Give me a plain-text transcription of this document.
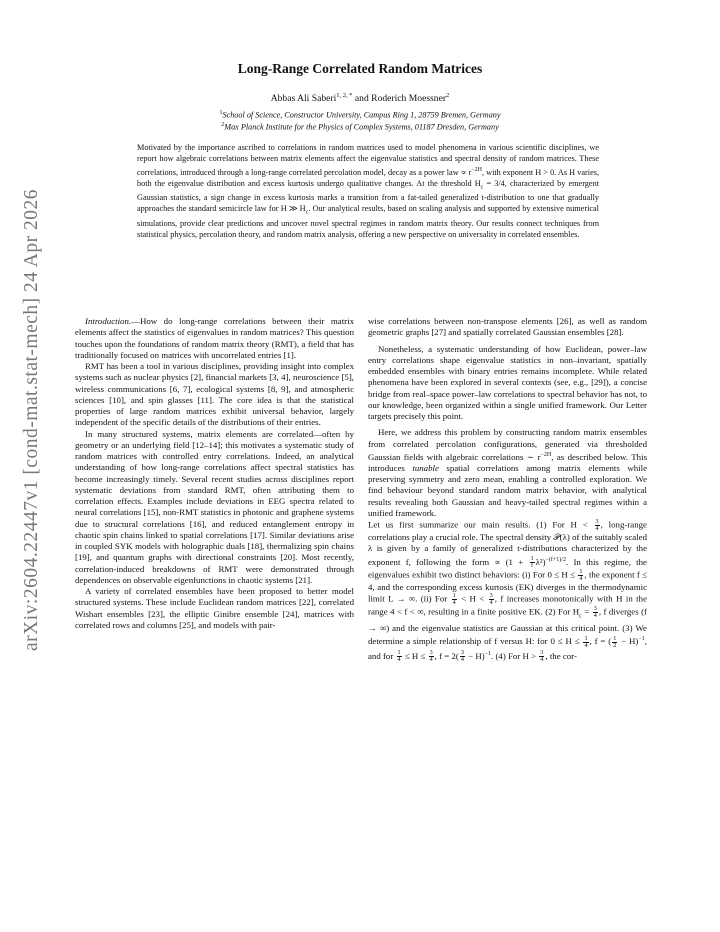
arXiv:2604.22447v1 [cond-mat.stat-mech] 24 Apr 2026
Long-Range Correlated Random Matrices
Abbas Ali Saberi$^{1, 2, *}$ and Roderich Moessner$^2$
$^1$School of Science, Constructor University, Campus Ring 1, 28759 Bremen, Germany
$^2$Max Planck Institute for the Physics of Complex Systems, 01187 Dresden, Germany
Motivated by the importance ascribed to correlations in random matrices used to model phenomena in various scientific disciplines, we report how algebraic correlations between matrix elements affect the eigenvalue statistics and spectral density of random matrices. These correlations, introduced through a long-range correlated percolation model, decay as a power law ∝ $r^{-2H}$, with exponent H > 0. As H varies, both the eigenvalue distribution and excess kurtosis undergo qualitative changes. At the threshold $H_c = 3/4$, characterized by emergent Gaussian statistics, a sign change in excess kurtosis marks a transition from a fat-tailed generalized t-distribution to one that gradually approaches the standard semicircle law for H ≫ $H_c$. Our analytical results, based on scaling analysis and supported by extensive numerical simulations, provide clear predictions and uncover novel spectral regimes in random matrix theory. Our results connect techniques from statistical physics, percolation theory, and random matrix analysis, offering a new perspective on universality in correlated ensembles.

Introduction.—How do long-range correlations between their matrix elements affect the statistics of eigenvalues in random matrices? This question touches upon the foundations of random matrix theory (RMT), a field that has traditionally focused on matrices with uncorrelated entries [1].

RMT has been a tool in various disciplines, providing insight into complex systems such as nuclear physics [2], financial markets [3, 4], neuroscience [5], wireless communications [6, 7], ecological systems [8, 9], and atmospheric sciences [10], and spin glasses [11]. The core idea is that the statistical properties of large random matrices exhibit universal behavior, largely independent of the specific details of the distributions of their entries.

In many structured systems, matrix elements are correlated—often by geometry or an underlying field [12–14]; this motivates a systematic study of random matrices with controlled entry correlations. Indeed, an analytical understanding of how long-range correlations affect spectral statistics has become increasingly timely. Several recent studies across disciplines report systematic deviations from standard RMT, often attributing them to correlation effects. Examples include deviations in EEG spectra related to neural correlations [15], non-RMT statistics in photonic and graphene systems due to structural correlations [16], and reduced entanglement entropy in chaotic spin chains linked to spatial correlations [17]. Similar deviations arise in coupled SYK models with holographic duals [18], thermalizing spin chains [19], and quantum graphs with directional constraints [20]. Most recently, correlation-induced breakdowns of RMT were demonstrated through dependences on observable eigenfunctions in chaotic systems [21].

A variety of correlated ensembles have been proposed to better model structured systems. These include Euclidean random matrices [22], correlated Wishart ensembles [23], the elliptic Ginibre ensemble [24], matrices with correlated rows and columns [25], and models with pair-

wise correlations between non-transpose elements [26], as well as random geometric graphs [27] and spatially correlated Gaussian ensembles [28].

Nonetheless, a systematic understanding of how Euclidean, power–law entry correlations shape eigenvalue statistics in non–invariant, spatially embedded ensembles with binary entries remains incomplete. While related phenomena have been explored in several contexts (see, e.g., [29]), a concise bridge from real–space power–law correlations to spectral behavior has not, to our knowledge, been organized within a single unified framework. Our Letter targets precisely this point.

Here, we address this problem by constructing random matrix ensembles from correlated percolation configurations, generated via thresholded Gaussian fields with algebraic correlations ∼ $r^{-2H}$, as described below. This introduces tunable spatial correlations among matrix elements while preserving symmetry and zero mean, enabling a controlled exploration. We find behaviour beyond standard random matrix behavior, with analytical results revealing both Gaussian and heavy-tailed spectral regimes within a unified framework.

Let us first summarize our main results. (1) For $H < \frac{3}{4}$ , long-range correlations play a crucial role. The spectral density 𝒫(λ) of the suitably scaled λ is given by a family of generalized t-distributions characterized by the exponent f, following the form ∝ $(1 + \frac{1}{f} \lambda^2)^{-(f+1)/2}$. In this regime, the eigenvalues exhibit two distinct behaviors: (i) For $0 \le H \le \frac{1}{4}$ , the exponent f ≤ 4, and the corresponding excess kurtosis (EK) diverges in the thermodynamic limit L → ∞. (ii) For $\frac{1}{4} < H < \frac{3}{4}$ , f increases monotonically with H in the range 4 < f < ∞, resulting in a finite positive EK. (2) For $H_c = \frac{3}{4}$ , f diverges (f → ∞) and the eigenvalue statistics are Gaussian at this critical point. (3) We determine a simple relationship of f versus H: for $0 \le H \le \frac{1}{4}$ , f = ( $\frac{1}{2} - H)^{-1}$, and for $\frac{1}{4} \le H \le \frac{3}{4}$ , $f = 2( \frac{3}{4} - H)^{-1}$. (4) For $H > \frac{3}{4}$ , the cor-
